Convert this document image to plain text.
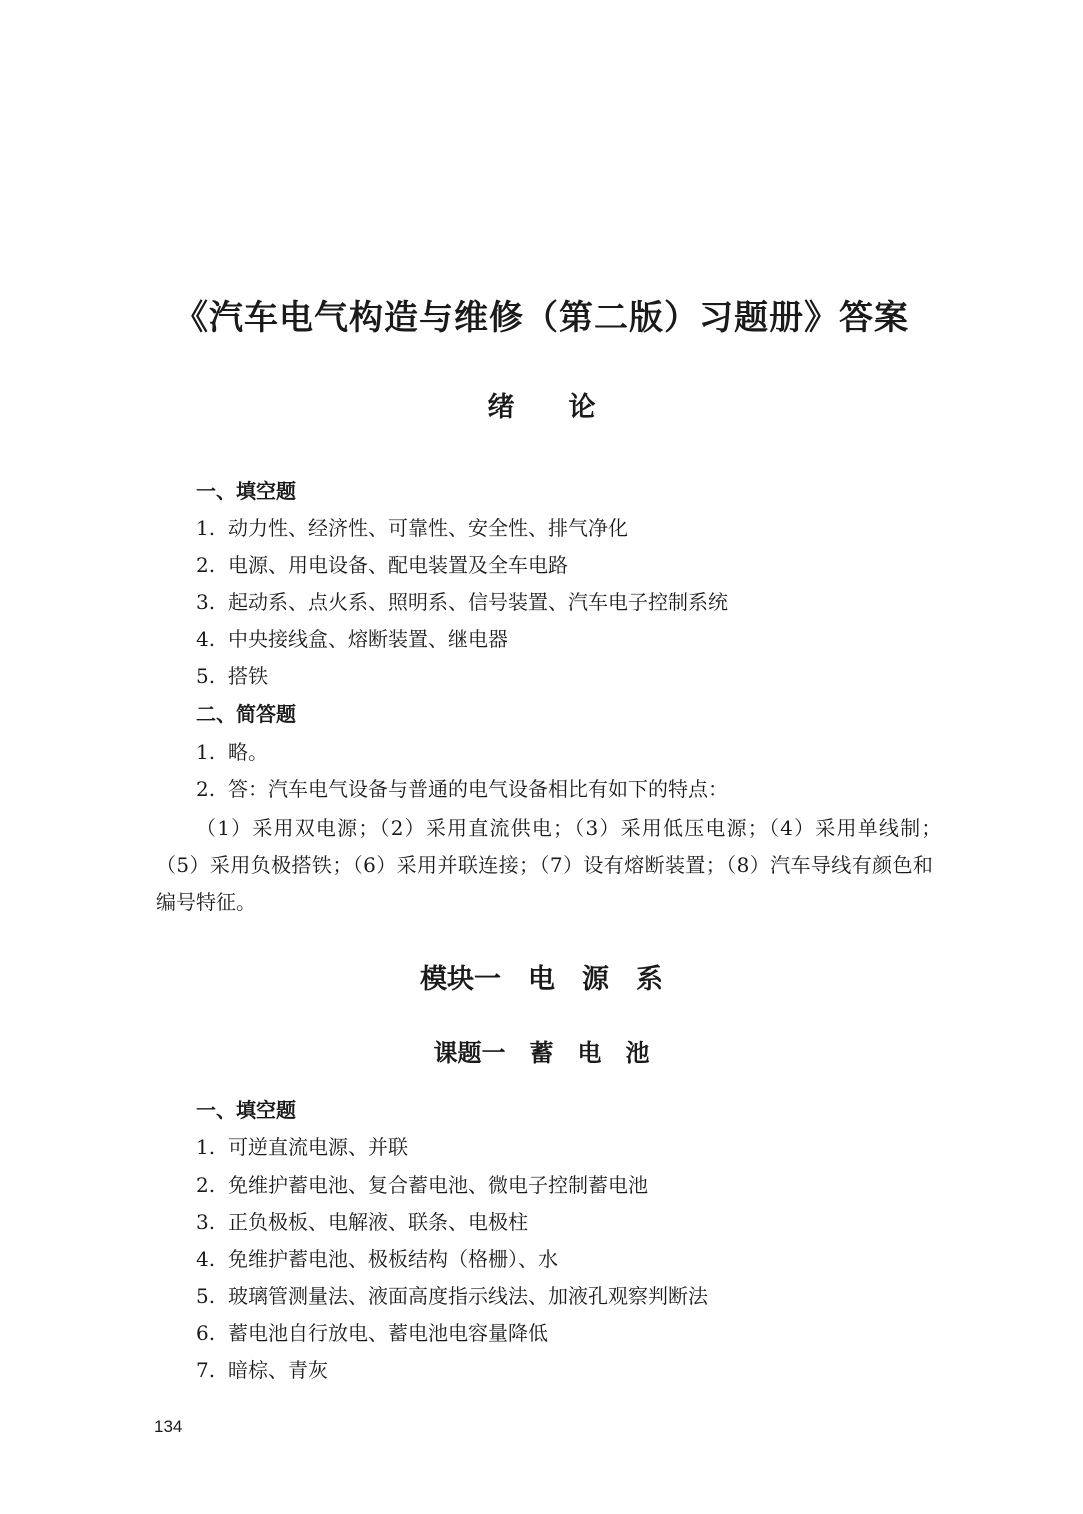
《汽车电气构造与维修（第二版）习题册》答案
绪　　论
一、填空题
1. 动力性、经济性、可靠性、安全性、排气净化
2. 电源、用电设备、配电装置及全车电路
3. 起动系、点火系、照明系、信号装置、汽车电子控制系统
4. 中央接线盒、熔断装置、继电器
5. 搭铁
二、简答题
1. 略。
2. 答：汽车电气设备与普通的电气设备相比有如下的特点：
（1）采用双电源；（2）采用直流供电；（3）采用低压电源；（4）采用单线制；
（5）采用负极搭铁；（6）采用并联连接；（7）设有熔断装置；（8）汽车导线有颜色和
编号特征。
模块一　电　源　系
课题一　蓄　电　池
一、填空题
1. 可逆直流电源、并联
2. 免维护蓄电池、复合蓄电池、微电子控制蓄电池
3. 正负极板、电解液、联条、电极柱
4. 免维护蓄电池、极板结构（格栅）、水
5. 玻璃管测量法、液面高度指示线法、加液孔观察判断法
6. 蓄电池自行放电、蓄电池电容量降低
7. 暗棕、青灰
134
